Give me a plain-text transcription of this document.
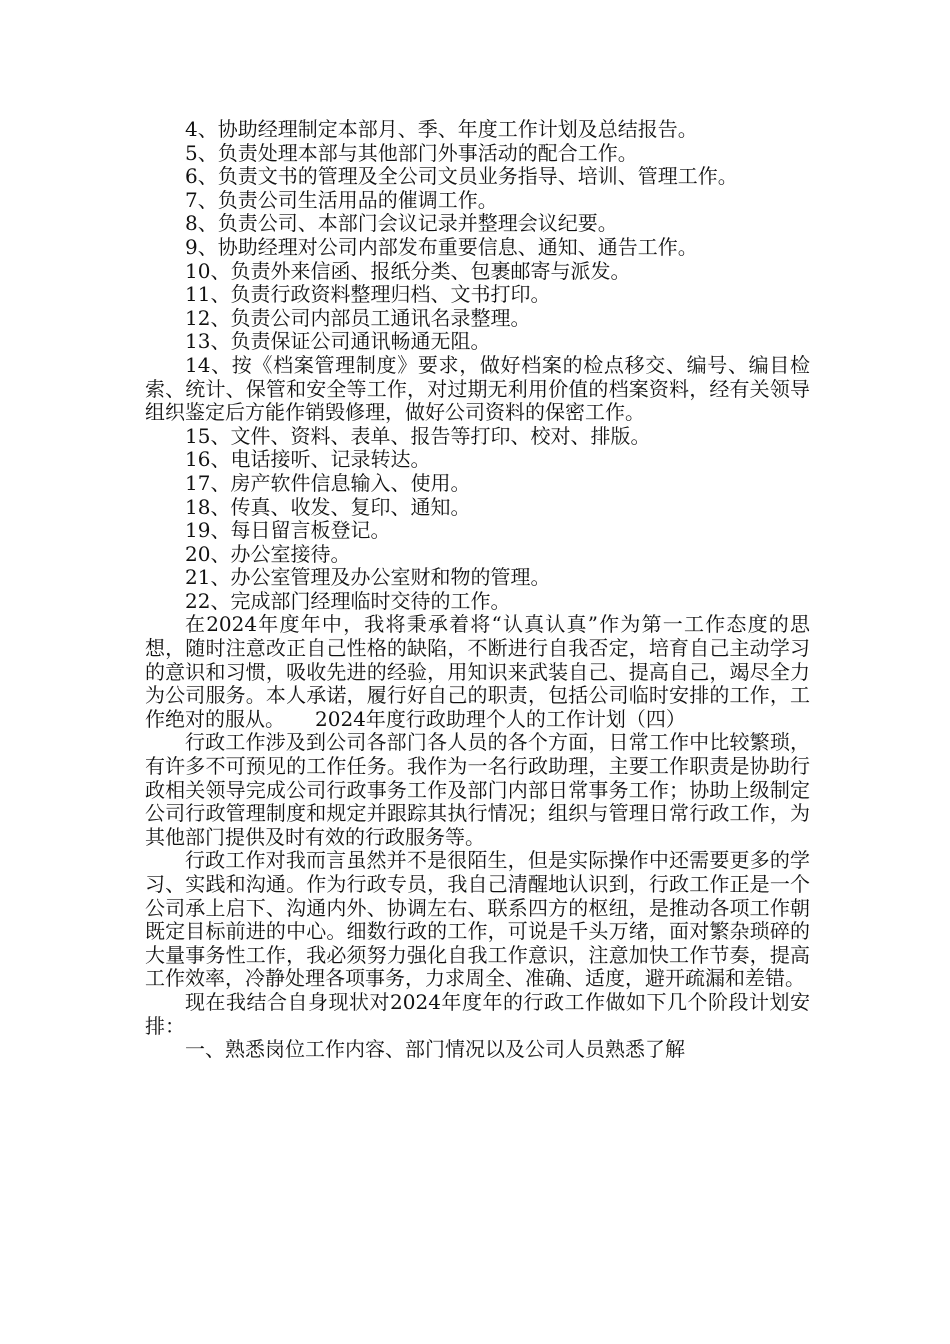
4、协助经理制定本部月、季、年度工作计划及总结报告。

5、负责处理本部与其他部门外事活动的配合工作。

6、负责文书的管理及全公司文员业务指导、培训、管理工作。

7、负责公司生活用品的催调工作。

8、负责公司、本部门会议记录并整理会议纪要。

9、协助经理对公司内部发布重要信息、通知、通告工作。

10、负责外来信函、报纸分类、包裹邮寄与派发。

11、负责行政资料整理归档、文书打印。

12、负责公司内部员工通讯名录整理。

13、负责保证公司通讯畅通无阻。

14、按《档案管理制度》要求，做好档案的检点移交、编号、编目检索、统计、保管和安全等工作，对过期无利用价值的档案资料，经有关领导组织鉴定后方能作销毁修理，做好公司资料的保密工作。

15、文件、资料、表单、报告等打印、校对、排版。

16、电话接听、记录转达。

17、房产软件信息输入、使用。

18、传真、收发、复印、通知。

19、每日留言板登记。

20、办公室接待。

21、办公室管理及办公室财和物的管理。

22、完成部门经理临时交待的工作。

在2024年度年中，我将秉承着将“认真认真”作为第一工作态度的思想，随时注意改正自己性格的缺陷，不断进行自我否定，培育自己主动学习的意识和习惯，吸收先进的经验，用知识来武装自己、提高自己，竭尽全力为公司服务。本人承诺，履行好自己的职责，包括公司临时安排的工作，工作绝对的服从。　　2024年度行政助理个人的工作计划（四）

行政工作涉及到公司各部门各人员的各个方面，日常工作中比较繁琐，有许多不可预见的工作任务。我作为一名行政助理，主要工作职责是协助行政相关领导完成公司行政事务工作及部门内部日常事务工作；协助上级制定公司行政管理制度和规定并跟踪其执行情况；组织与管理日常行政工作，为其他部门提供及时有效的行政服务等。

行政工作对我而言虽然并不是很陌生，但是实际操作中还需要更多的学习、实践和沟通。作为行政专员，我自己清醒地认识到，行政工作正是一个公司承上启下、沟通内外、协调左右、联系四方的枢纽，是推动各项工作朝既定目标前进的中心。细数行政的工作，可说是千头万绪，面对繁杂琐碎的大量事务性工作，我必须努力强化自我工作意识，注意加快工作节奏，提高工作效率，冷静处理各项事务，力求周全、准确、适度，避开疏漏和差错。

现在我结合自身现状对2024年度年的行政工作做如下几个阶段计划安排：

一、熟悉岗位工作内容、部门情况以及公司人员熟悉了解
